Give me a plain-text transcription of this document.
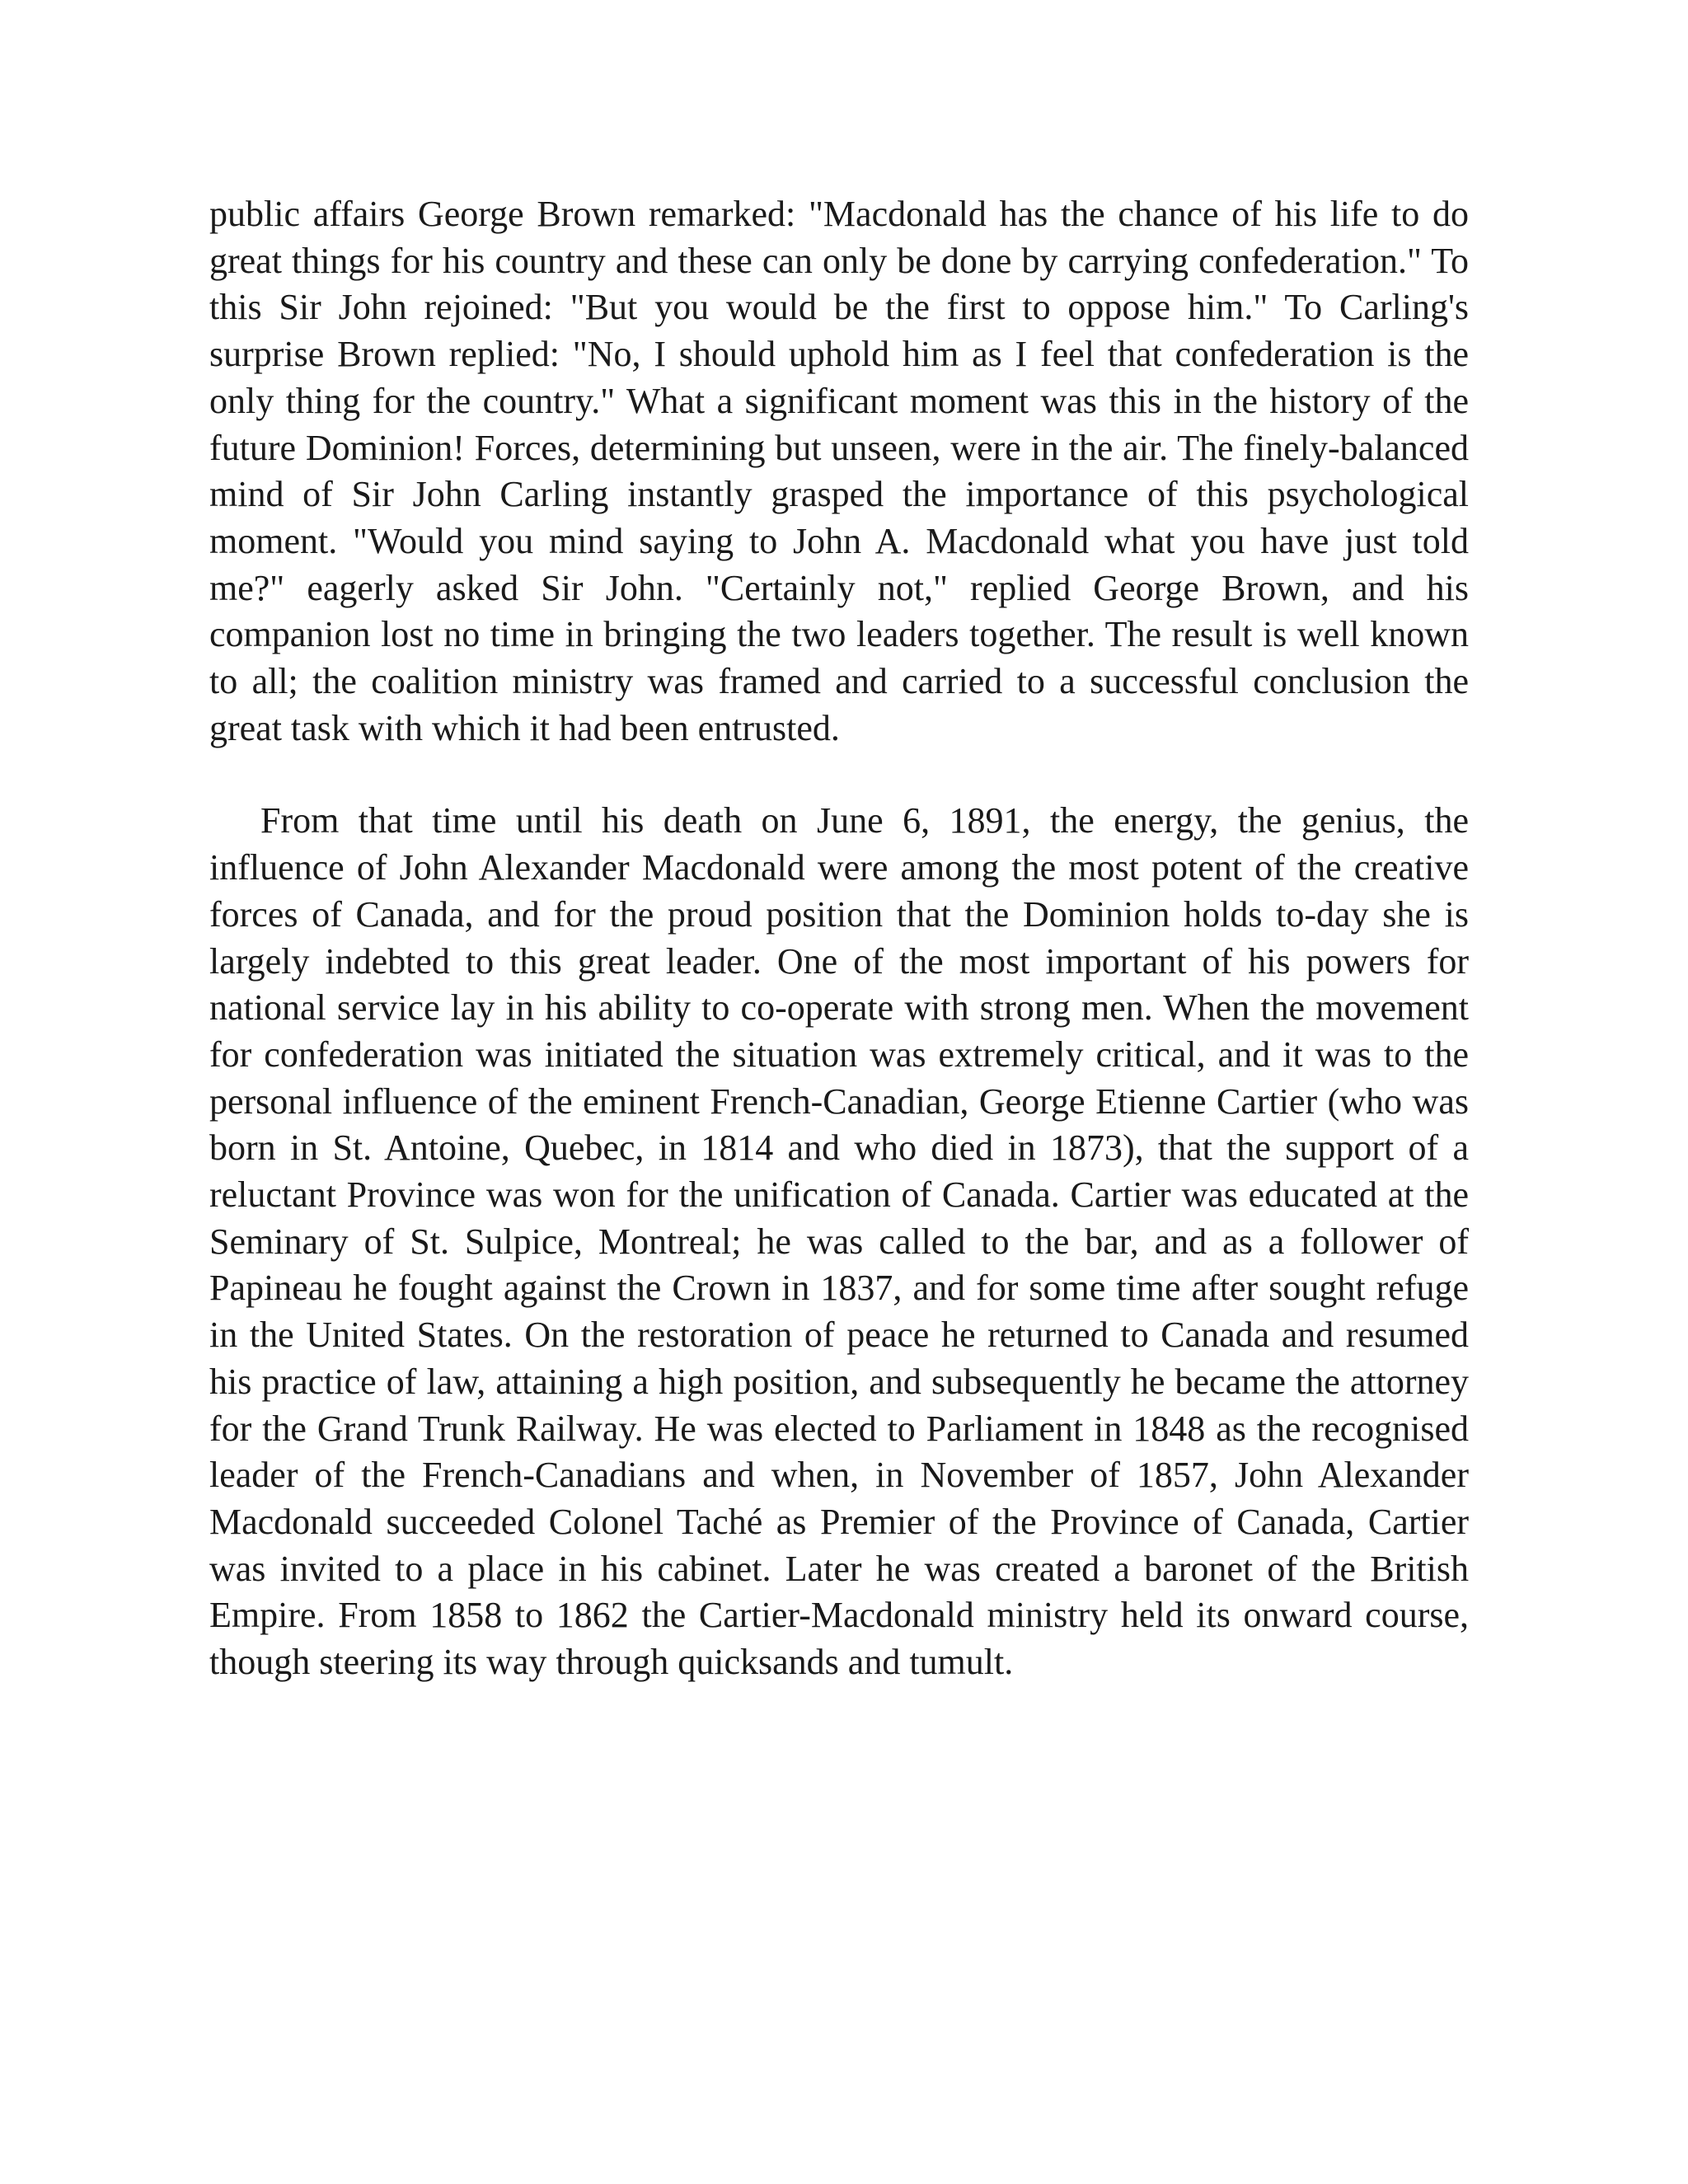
public affairs George Brown remarked: "Macdonald has the chance of his life to do great things for his country and these can only be done by carrying confederation." To this Sir John rejoined: "But you would be the first to oppose him." To Carling's surprise Brown replied: "No, I should uphold him as I feel that confederation is the only thing for the country." What a significant moment was this in the history of the future Dominion! Forces, determining but unseen, were in the air. The finely-balanced mind of Sir John Carling instantly grasped the importance of this psychological moment. "Would you mind saying to John A. Macdonald what you have just told me?" eagerly asked Sir John. "Certainly not," replied George Brown, and his companion lost no time in bringing the two leaders together. The result is well known to all; the coalition ministry was framed and carried to a successful conclusion the great task with which it had been entrusted.

From that time until his death on June 6, 1891, the energy, the genius, the influence of John Alexander Macdonald were among the most potent of the creative forces of Canada, and for the proud position that the Dominion holds to-day she is largely indebted to this great leader. One of the most important of his powers for national service lay in his ability to co-operate with strong men. When the movement for confederation was initiated the situation was extremely critical, and it was to the personal influence of the eminent French-Canadian, George Etienne Cartier (who was born in St. Antoine, Quebec, in 1814 and who died in 1873), that the support of a reluctant Province was won for the unification of Canada. Cartier was educated at the Seminary of St. Sulpice, Montreal; he was called to the bar, and as a follower of Papineau he fought against the Crown in 1837, and for some time after sought refuge in the United States. On the restoration of peace he returned to Canada and resumed his practice of law, attaining a high position, and subsequently he became the attorney for the Grand Trunk Railway. He was elected to Parliament in 1848 as the recognised leader of the French-Canadians and when, in November of 1857, John Alexander Macdonald succeeded Colonel Taché as Premier of the Province of Canada, Cartier was invited to a place in his cabinet. Later he was created a baronet of the British Empire. From 1858 to 1862 the Cartier-Macdonald ministry held its onward course, though steering its way through quicksands and tumult.
